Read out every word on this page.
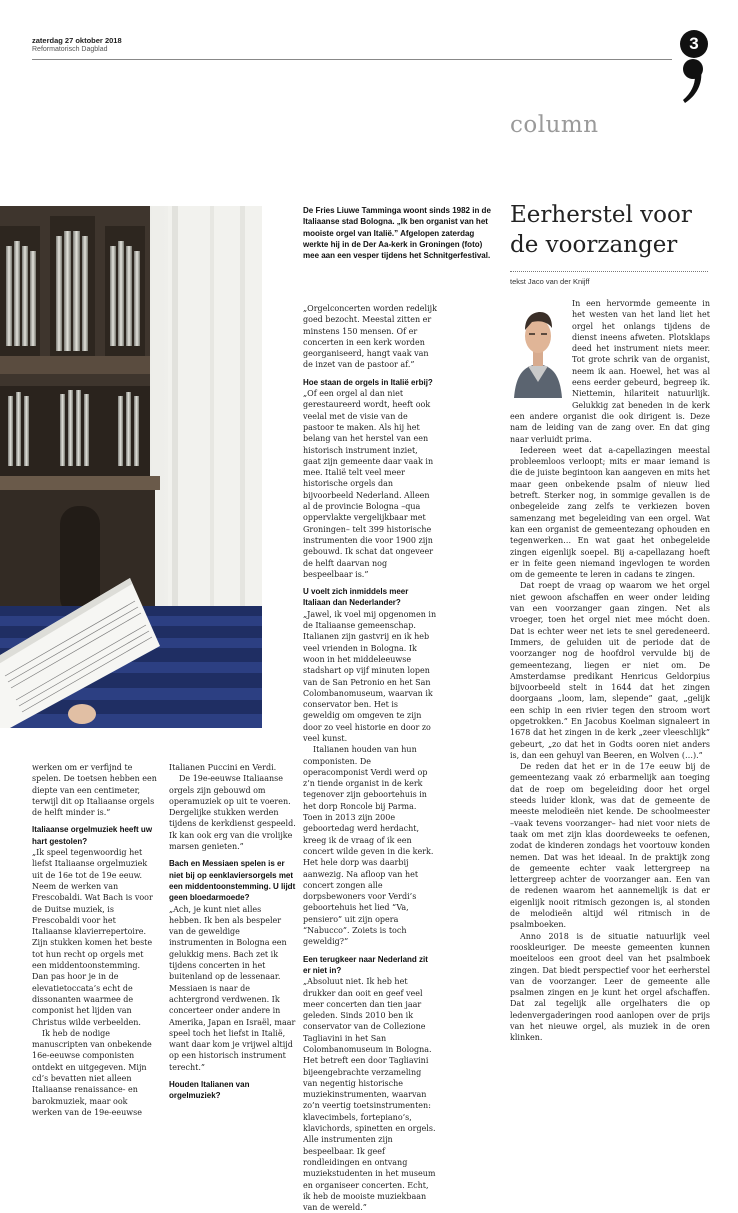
zaterdag 27 oktober 2018
Reformatorisch Dagblad	3
column
Eerherstel voor de voorzanger
tekst Jaco van der Knijff
De Fries Liuwe Tamminga woont sinds 1982 in de Italiaanse stad Bologna. „Ik ben organist van het mooiste orgel van Italië.” Afgelopen zaterdag werkte hij in de Der Aa-kerk in Groningen (foto) mee aan een vesper tijdens het Schnitgerfestival.

werken om er verfijnd te spelen. De toetsen hebben een diepte van een centimeter, terwijl dit op Italiaanse orgels de helft minder is.”

Italiaanse orgelmuziek heeft uw hart gestolen?

„Ik speel tegenwoordig het liefst Italiaanse orgelmuziek uit de 16e tot de 19e eeuw. Neem de werken van Frescobaldi. Wat Bach is voor de Duitse muziek, is Frescobaldi voor het Italiaanse klavierrepertoire. Zijn stukken komen het beste tot hun recht op orgels met een middentoonstemming. Dan pas hoor je in de elevatietoccata’s echt de dissonanten waarmee de componist het lijden van Christus wilde verbeelden.

Ik heb de nodige manuscripten van onbekende 16e-eeuwse componisten ontdekt en uitgegeven. Mijn cd’s bevatten niet alleen Italiaanse renaissance- en barokmuziek, maar ook werken van de 19e-eeuwse

Italianen Puccini en Verdi.

De 19e-eeuwse Italiaanse orgels zijn gebouwd om operamuziek op uit te voeren. Dergelijke stukken werden tijdens de kerkdienst gespeeld. Ik kan ook erg van die vrolijke marsen genieten.”

Bach en Messiaen spelen is er niet bij op eenklaviersorgels met een middentoonstemming. U lijdt geen bloedarmoede?

„Ach, je kunt niet alles hebben. Ik ben als bespeler van de geweldige instrumenten in Bologna een gelukkig mens. Bach zet ik tijdens concerten in het buitenland op de lessenaar. Messiaen is naar de achtergrond verdwenen. Ik concerteer onder andere in Amerika, Japan en Israël, maar speel toch het liefst in Italië, want daar kom je vrijwel altijd op een historisch instrument terecht.”

Houden Italianen van orgelmuziek?

„Orgelconcerten worden redelijk goed bezocht. Meestal zitten er minstens 150 mensen. Of er concerten in een kerk worden georganiseerd, hangt vaak van de inzet van de pastoor af.”

Hoe staan de orgels in Italië erbij?

„Of een orgel al dan niet gerestaureerd wordt, heeft ook veelal met de visie van de pastoor te maken. Als hij het belang van het herstel van een historisch instrument inziet, gaat zijn gemeente daar vaak in mee. Italië telt veel meer historische orgels dan bijvoorbeeld Nederland. Alleen al de provincie Bologna –qua oppervlakte vergelijkbaar met Groningen– telt 399 historische instrumenten die voor 1900 zijn gebouwd. Ik schat dat ongeveer de helft daarvan nog bespeelbaar is.”

U voelt zich inmiddels meer Italiaan dan Nederlander?

„Jawel, ik voel mij opgenomen in de Italiaanse gemeenschap. Italianen zijn gastvrij en ik heb veel vrienden in Bologna. Ik woon in het middeleeuwse stadshart op vijf minuten lopen van de San Petronio en het San Colombanomuseum, waarvan ik conservator ben. Het is geweldig om omgeven te zijn door zo veel historie en door zo veel kunst.

Italianen houden van hun componisten. De operacomponist Verdi werd op z’n tiende organist in de kerk tegenover zijn geboortehuis in het dorp Roncole bij Parma. Toen in 2013 zijn 200e geboortedag werd herdacht, kreeg ik de vraag of ik een concert wilde geven in die kerk. Het hele dorp was daarbij aanwezig. Na afloop van het concert zongen alle dorpsbewoners voor Verdi’s geboortehuis het lied “Va, pensiero” uit zijn opera “Nabucco”. Zoiets is toch geweldig?”

Een terugkeer naar Nederland zit er niet in?

„Absoluut niet. Ik heb het drukker dan ooit en geef veel meer concerten dan tien jaar geleden. Sinds 2010 ben ik conservator van de Collezione Tagliavini in het San Colombanomuseum in Bologna. Het betreft een door Tagliavini bijeengebrachte verzameling van negentig historische muziekinstrumenten, waarvan zo’n veertig toetsinstrumenten: klavecimbels, fortepiano’s, klavichords, spinetten en orgels. Alle instrumenten zijn bespeelbaar. Ik geef rondleidingen en ontvang muziekstudenten in het museum en organiseer concerten. Echt, ik heb de mooiste muziekbaan van de wereld.”

In een hervormde gemeente in het westen van het land liet het orgel het onlangs tijdens de dienst ineens afweten. Plotsklaps deed het instrument niets meer. Tot grote schrik van de organist, neem ik aan. Hoewel, het was al eens eerder gebeurd, begreep ik. Niettemin, hilariteit natuurlijk. Gelukkig zat beneden in de kerk een andere organist die ook dirigent is. Deze nam de leiding van de zang over. En dat ging naar verluidt prima.

Iedereen weet dat a-capellazingen meestal probleemloos verloopt; mits er maar iemand is die de juiste begintoon kan aangeven en mits het maar geen onbekende psalm of nieuw lied betreft. Sterker nog, in sommige gevallen is de onbegeleide zang zelfs te verkiezen boven samenzang met begeleiding van een orgel. Wat kan een organist de gemeentezang ophouden en tegenwerken… En wat gaat het onbegeleide zingen eigenlijk soepel. Bij a-capellazang hoeft er in feite geen niemand ingevlogen te worden om de gemeente te leren in cadans te zingen.

Dat roept de vraag op waarom we het orgel niet gewoon afschaffen en weer onder leiding van een voorzanger gaan zingen. Net als vroeger, toen het orgel niet mee mócht doen. Dat is echter weer net iets te snel geredeneerd. Immers, de geluiden uit de periode dat de voorzanger nog de hoofdrol vervulde bij de gemeentezang, liegen er niet om. De Amsterdamse predikant Henricus Geldorpius bijvoorbeeld stelt in 1644 dat het zingen doorgaans „loom, lam, slepende” gaat, „gelijk een schip in een rivier tegen den stroom wort opgetrokken.” En Jacobus Koelman signaleert in 1678 dat het zingen in de kerk „zeer vleeschlijk” gebeurt, „zo dat het in Godts ooren niet anders is, dan een gehuyl van Beeren, en Wolven (…).”

De reden dat het er in de 17e eeuw bij de gemeentezang vaak zó erbarmelijk aan toeging dat de roep om begeleiding door het orgel steeds luider klonk, was dat de gemeente de meeste melodieën niet kende. De schoolmeester –vaak tevens voorzanger– had niet voor niets de taak om met zijn klas doordeweeks te oefenen, zodat de kinderen zondags het voortouw konden nemen. Dat was het ideaal. In de praktijk zong de gemeente echter vaak lettergreep na lettergreep achter de voorzanger aan. Een van de redenen waarom het aannemelijk is dat er eigenlijk nooit ritmisch gezongen is, al stonden de melodieën altijd wél ritmisch in de psalmboeken.

Anno 2018 is de situatie natuurlijk veel rooskleuriger. De meeste gemeenten kunnen moeiteloos een groot deel van het psalmboek zingen. Dat biedt perspectief voor het eerherstel van de voorzanger. Leer de gemeente alle psalmen zingen en je kunt het orgel afschaffen. Dat zal tegelijk alle orgelhaters die op ledenvergaderingen rood aanlopen over de prijs van het nieuwe orgel, als muziek in de oren klinken.
